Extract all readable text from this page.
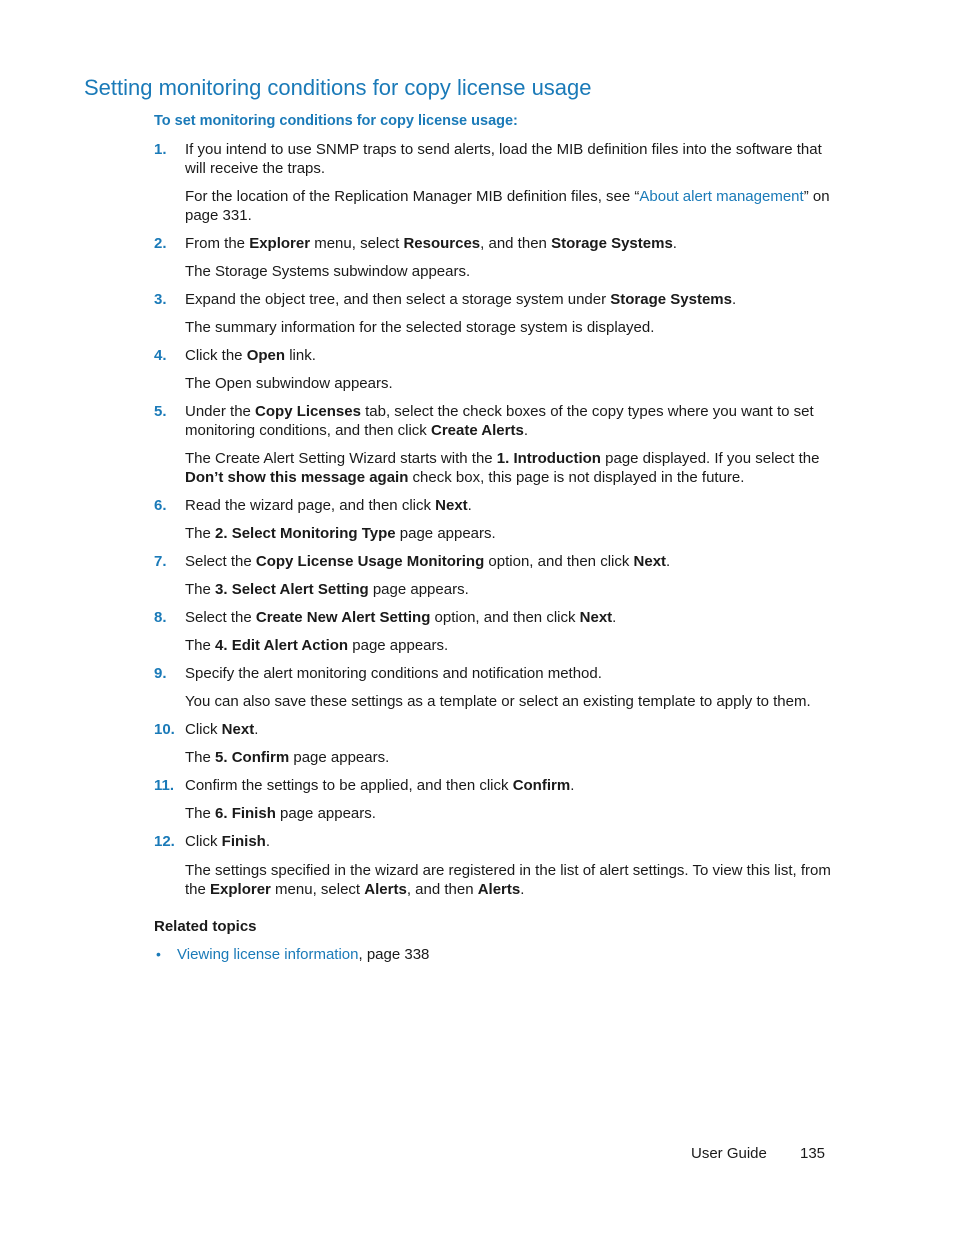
Setting monitoring conditions for copy license usage
To set monitoring conditions for copy license usage:
1. If you intend to use SNMP traps to send alerts, load the MIB definition files into the software that will receive the traps.

For the location of the Replication Manager MIB definition files, see “About alert management” on page 331.

2. From the Explorer menu, select Resources, and then Storage Systems.

The Storage Systems subwindow appears.

3. Expand the object tree, and then select a storage system under Storage Systems.

The summary information for the selected storage system is displayed.

4. Click the Open link.

The Open subwindow appears.

5. Under the Copy Licenses tab, select the check boxes of the copy types where you want to set monitoring conditions, and then click Create Alerts.

The Create Alert Setting Wizard starts with the 1. Introduction page displayed. If you select the Don’t show this message again check box, this page is not displayed in the future.

6. Read the wizard page, and then click Next.

The 2. Select Monitoring Type page appears.

7. Select the Copy License Usage Monitoring option, and then click Next.

The 3. Select Alert Setting page appears.

8. Select the Create New Alert Setting option, and then click Next.

The 4. Edit Alert Action page appears.

9. Specify the alert monitoring conditions and notification method.

You can also save these settings as a template or select an existing template to apply to them.

10. Click Next.

The 5. Confirm page appears.

11. Confirm the settings to be applied, and then click Confirm.

The 6. Finish page appears.

12. Click Finish.

The settings specified in the wizard are registered in the list of alert settings. To view this list, from the Explorer menu, select Alerts, and then Alerts.

Related topics
• Viewing license information, page 338
User Guide 135
